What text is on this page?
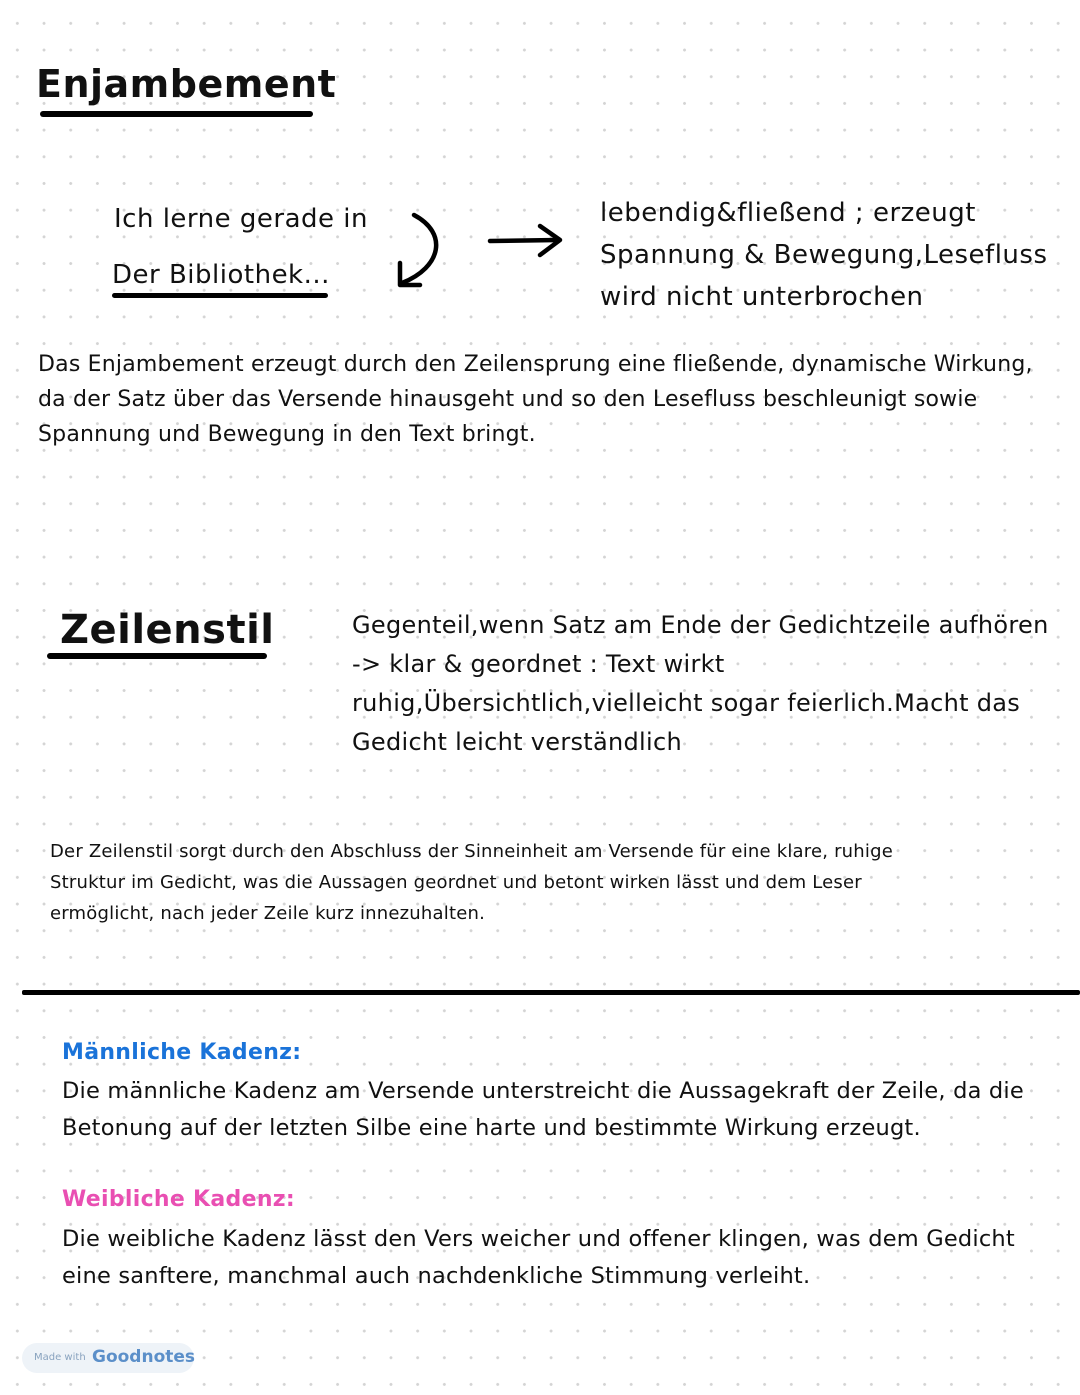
Enjambement
Ich lerne gerade in
Der Bibliothek...
lebendig&fließend ; erzeugt
Spannung & Bewegung,Lesefluss
wird nicht unterbrochen
Das Enjambement erzeugt durch den Zeilensprung eine fließende, dynamische Wirkung,
da der Satz über das Versende hinausgeht und so den Lesefluss beschleunigt sowie
Spannung und Bewegung in den Text bringt.
Zeilenstil	Gegenteil,wenn Satz am Ende der Gedichtzeile aufhören
-> klar & geordnet : Text wirkt
ruhig,Übersichtlich,vielleicht sogar feierlich.Macht das
Gedicht leicht verständlich
Der Zeilenstil sorgt durch den Abschluss der Sinneinheit am Versende für eine klare, ruhige
Struktur im Gedicht, was die Aussagen geordnet und betont wirken lässt und dem Leser
ermöglicht, nach jeder Zeile kurz innezuhalten.
Männliche Kadenz:
Die männliche Kadenz am Versende unterstreicht die Aussagekraft der Zeile, da die
Betonung auf der letzten Silbe eine harte und bestimmte Wirkung erzeugt.
Weibliche Kadenz:
Die weibliche Kadenz lässt den Vers weicher und offener klingen, was dem Gedicht
eine sanftere, manchmal auch nachdenkliche Stimmung verleiht.
Made with Goodnotes
